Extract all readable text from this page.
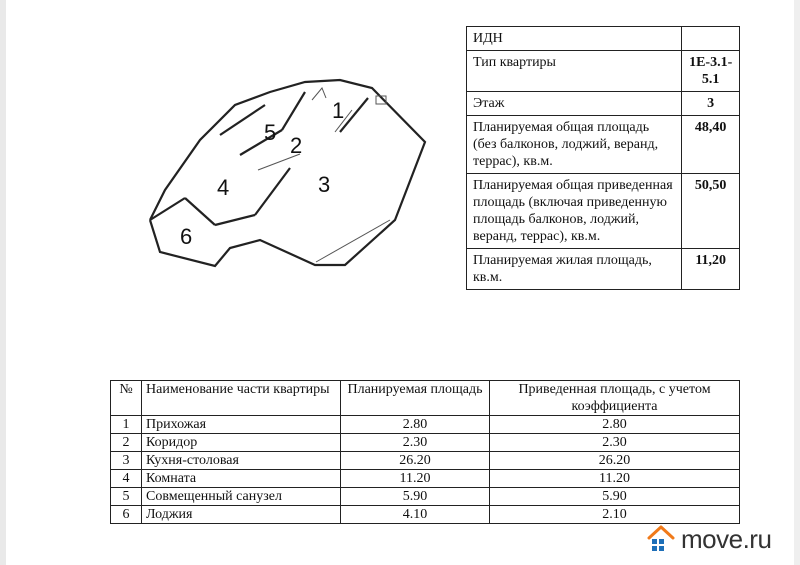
1
2
3
4
5
6
ИДН	
Тип квартиры	1Е-3.1-5.1
Этаж	3
Планируемая общая площадь (без балконов, лоджий, веранд, террас), кв.м.	48,40
Планируемая общая приведенная площадь (включая приведенную площадь балконов, лоджий, веранд, террас), кв.м.	50,50
Планируемая жилая площадь, кв.м.	11,20
№	Наименование части квартиры	Планируемая площадь	Приведенная площадь, с учетом коэффициента
1	Прихожая	2.80	2.80
2	Коридор	2.30	2.30
3	Кухня-столовая	26.20	26.20
4	Комната	11.20	11.20
5	Совмещенный санузел	5.90	5.90
6	Лоджия	4.10	2.10
move.ru
